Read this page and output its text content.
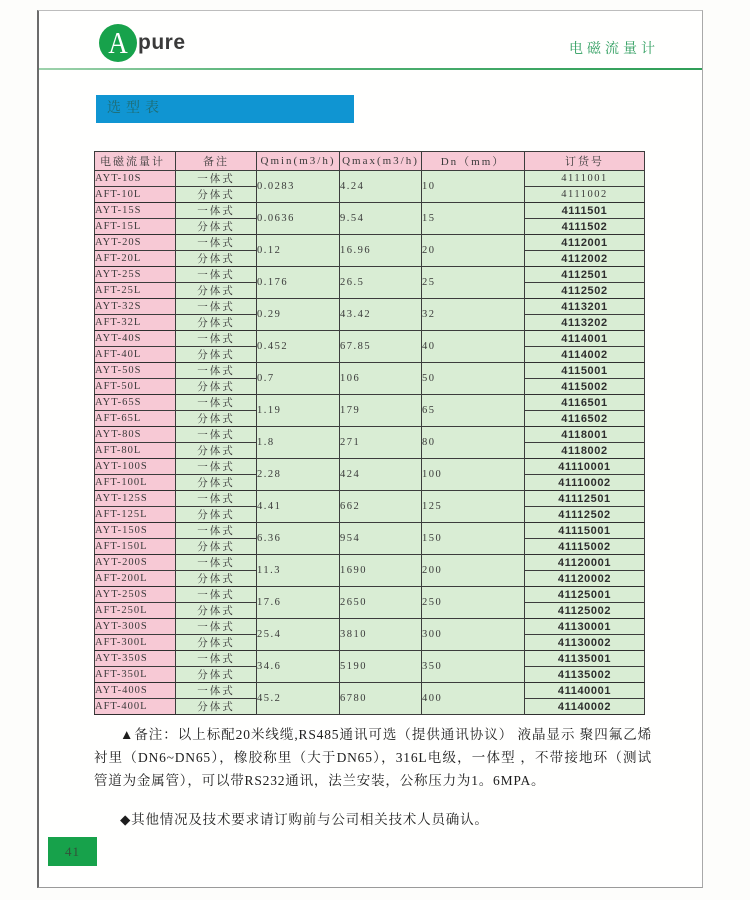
A pure	电磁流量计
选型表
电磁流量计	备注	Qmin(m3/h)	Qmax(m3/h)	Dn（mm）	订货号
AYT-10S	一体式	0.0283	4.24	10	4111001
AFT-10L	分体式				4111002
AYT-15S	一体式	0.0636	9.54	15	4111501
AFT-15L	分体式				4111502
AYT-20S	一体式	0.12	16.96	20	4112001
AFT-20L	分体式				4112002
AYT-25S	一体式	0.176	26.5	25	4112501
AFT-25L	分体式				4112502
AYT-32S	一体式	0.29	43.42	32	4113201
AFT-32L	分体式				4113202
AYT-40S	一体式	0.452	67.85	40	4114001
AFT-40L	分体式				4114002
AYT-50S	一体式	0.7	106	50	4115001
AFT-50L	分体式				4115002
AYT-65S	一体式	1.19	179	65	4116501
AFT-65L	分体式				4116502
AYT-80S	一体式	1.8	271	80	4118001
AFT-80L	分体式				4118002
AYT-100S	一体式	2.28	424	100	41110001
AFT-100L	分体式				41110002
AYT-125S	一体式	4.41	662	125	41112501
AFT-125L	分体式				41112502
AYT-150S	一体式	6.36	954	150	41115001
AFT-150L	分体式				41115002
AYT-200S	一体式	11.3	1690	200	41120001
AFT-200L	分体式				41120002
AYT-250S	一体式	17.6	2650	250	41125001
AFT-250L	分体式				41125002
AYT-300S	一体式	25.4	3810	300	41130001
AFT-300L	分体式				41130002
AYT-350S	一体式	34.6	5190	350	41135001
AFT-350L	分体式				41135002
AYT-400S	一体式	45.2	6780	400	41140001
AFT-400L	分体式				41140002

▲备注：以上标配20米线缆,RS485通讯可选（提供通讯协议） 液晶显示 聚四氟乙烯衬里（DN6~DN65），橡胶称里（大于DN65），316L电级，一体型 ，不带接地环（测试管道为金属管），可以带RS232通讯，法兰安装，公称压力为1。6MPA。

◆其他情况及技术要求请订购前与公司相关技术人员确认。

41
